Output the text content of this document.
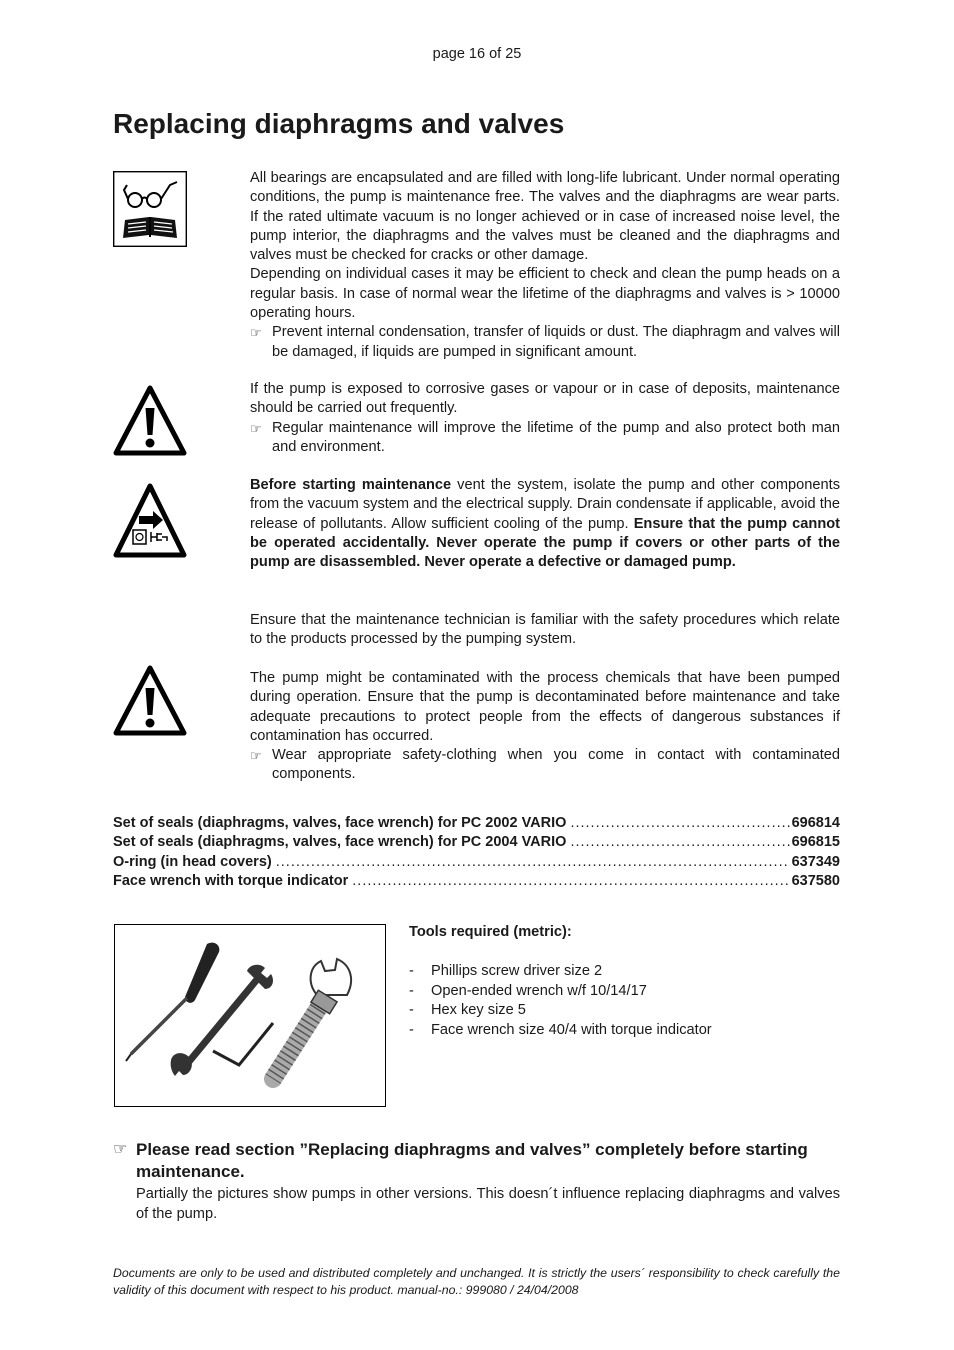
page 16 of 25
Replacing diaphragms and valves

All bearings are encapsulated and are filled with long-life lubricant. Under normal operating conditions, the pump is maintenance free. The valves and the diaphragms are wear parts. If the rated ultimate vacuum is no longer achieved or in case of increased noise level, the pump interior, the diaphragms and the valves must be cleaned and the diaphragms and valves must be checked for cracks or other damage.

Depending on individual cases it may be efficient to check and clean the pump heads on a regular basis. In case of normal wear the lifetime of the diaphragms and valves is > 10000 operating hours.

☞ Prevent internal condensation, transfer of liquids or dust. The diaphragm and valves will be damaged, if liquids are pumped in significant amount.

If the pump is exposed to corrosive gases or vapour or in case of deposits, maintenance should be carried out frequently.

☞ Regular maintenance will improve the lifetime of the pump and also protect both man and environment.

Before starting maintenance vent the system, isolate the pump and other components from the vacuum system and the electrical supply. Drain condensate if applicable, avoid the release of pollutants. Allow sufficient cooling of the pump. Ensure that the pump cannot be operated accidentally. Never operate the pump if covers or other parts of the pump are disassembled. Never operate a defective or damaged pump.

Ensure that the maintenance technician is familiar with the safety procedures which relate to the products processed by the pumping system.

The pump might be contaminated with the process chemicals that have been pumped during operation. Ensure that the pump is decontaminated before maintenance and take adequate precautions to protect people from the effects of dangerous substances if contamination has occurred.

☞ Wear appropriate safety-clothing when you come in contact with contaminated components.
Set of seals (diaphragms, valves, face wrench) for PC 2002 VARIO .....	696814
Set of seals (diaphragms, valves, face wrench) for PC 2004 VARIO .....	696815
O-ring (in head covers) .....	637349
Face wrench with torque indicator .....	637580
Tools required (metric):
-	Phillips screw driver size 2
-	Open-ended wrench w/f 10/14/17
-	Hex key size 5
-	Face wrench size 40/4 with torque indicator
☞ Please read section ”Replacing diaphragms and valves” completely before starting maintenance.
Partially the pictures show pumps in other versions. This doesn´t influence replacing diaphragms and valves of the pump.
Documents are only to be used and distributed completely and unchanged. It is strictly the users´ responsibility to check carefully the validity of this document with respect to his product. manual-no.: 999080 / 24/04/2008
